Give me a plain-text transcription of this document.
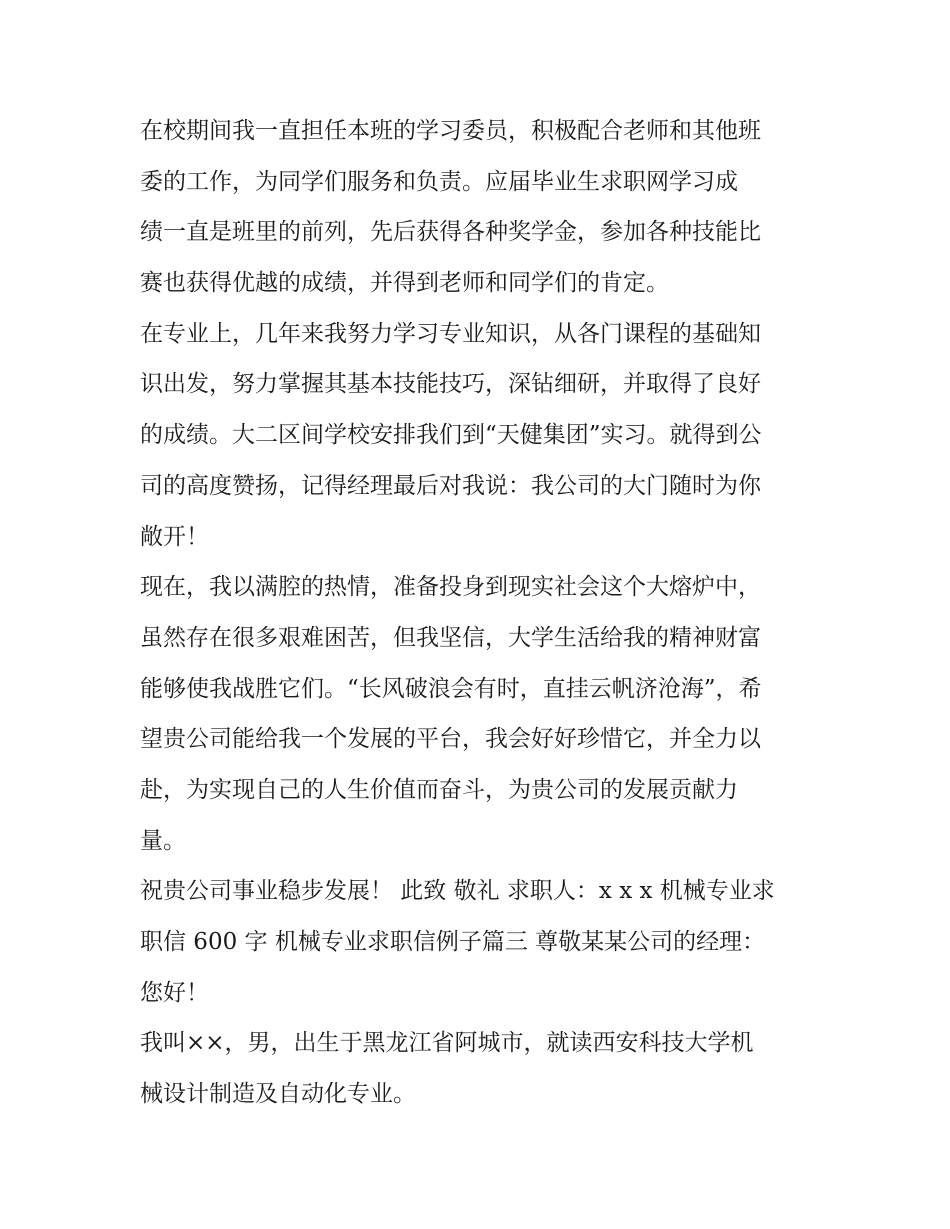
在校期间我一直担任本班的学习委员，积极配合老师和其他班
委的工作，为同学们服务和负责。应届毕业生求职网学习成
绩一直是班里的前列，先后获得各种奖学金，参加各种技能比
赛也获得优越的成绩，并得到老师和同学们的肯定。
在专业上，几年来我努力学习专业知识，从各门课程的基础知
识出发，努力掌握其基本技能技巧，深钻细研，并取得了良好
的成绩。大二区间学校安排我们到“天健集团”实习。就得到公
司的高度赞扬，记得经理最后对我说：我公司的大门随时为你
敞开！
现在，我以满腔的热情，准备投身到现实社会这个大熔炉中，
虽然存在很多艰难困苦，但我坚信，大学生活给我的精神财富
能够使我战胜它们。“长风破浪会有时，直挂云帆济沧海”，希
望贵公司能给我一个发展的平台，我会好好珍惜它，并全力以
赴，为实现自己的人生价值而奋斗，为贵公司的发展贡献力
量。
祝贵公司事业稳步发展！ 此致 敬礼 求职人：x x x 机械专业求
职信 600 字 机械专业求职信例子篇三 尊敬某某公司的经理：
您好！
我叫××，男，出生于黑龙江省阿城市，就读西安科技大学机
械设计制造及自动化专业。
